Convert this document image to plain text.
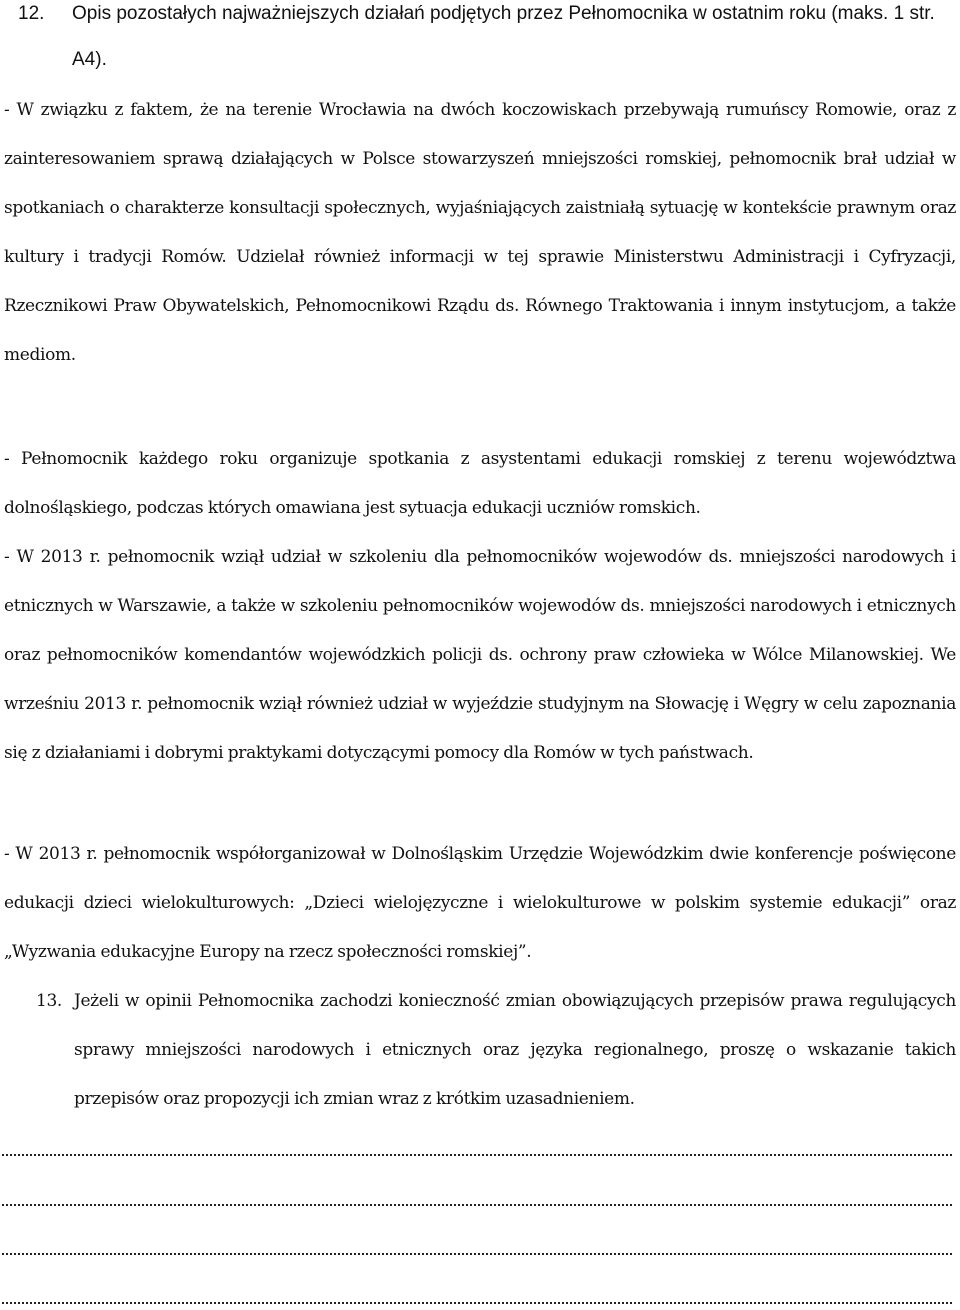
12. Opis pozostałych najważniejszych działań podjętych przez Pełnomocnika w ostatnim roku (maks. 1 str. A4).

- W związku z faktem, że na terenie Wrocławia na dwóch koczowiskach przebywają rumuńscy Romowie, oraz z zainteresowaniem sprawą działających w Polsce stowarzyszeń mniejszości romskiej, pełnomocnik brał udział w spotkaniach o charakterze konsultacji społecznych, wyjaśniających zaistniałą sytuację w kontekście prawnym oraz kultury i tradycji Romów. Udzielał również informacji w tej sprawie Ministerstwu Administracji i Cyfryzacji, Rzecznikowi Praw Obywatelskich, Pełnomocnikowi Rządu ds. Równego Traktowania i innym instytucjom, a także mediom.

- Pełnomocnik każdego roku organizuje spotkania z asystentami edukacji romskiej z terenu województwa dolnośląskiego, podczas których omawiana jest sytuacja edukacji uczniów romskich.

- W 2013 r. pełnomocnik wziął udział w szkoleniu dla pełnomocników wojewodów ds. mniejszości narodowych i etnicznych w Warszawie, a także w szkoleniu pełnomocników wojewodów ds. mniejszości narodowych i etnicznych oraz pełnomocników komendantów wojewódzkich policji ds. ochrony praw człowieka w Wólce Milanowskiej. We wrześniu 2013 r. pełnomocnik wziął również udział w wyjeździe studyjnym na Słowację i Węgry w celu zapoznania się z działaniami i dobrymi praktykami dotyczącymi pomocy dla Romów w tych państwach.

- W 2013 r. pełnomocnik współorganizował w Dolnośląskim Urzędzie Wojewódzkim dwie konferencje poświęcone edukacji dzieci wielokulturowych: „Dzieci wielojęzyczne i wielokulturowe w polskim systemie edukacji” oraz „Wyzwania edukacyjne Europy na rzecz społeczności romskiej”.

13. Jeżeli w opinii Pełnomocnika zachodzi konieczność zmian obowiązujących przepisów prawa regulujących sprawy mniejszości narodowych i etnicznych oraz języka regionalnego, proszę o wskazanie takich przepisów oraz propozycji ich zmian wraz z krótkim uzasadnieniem.
